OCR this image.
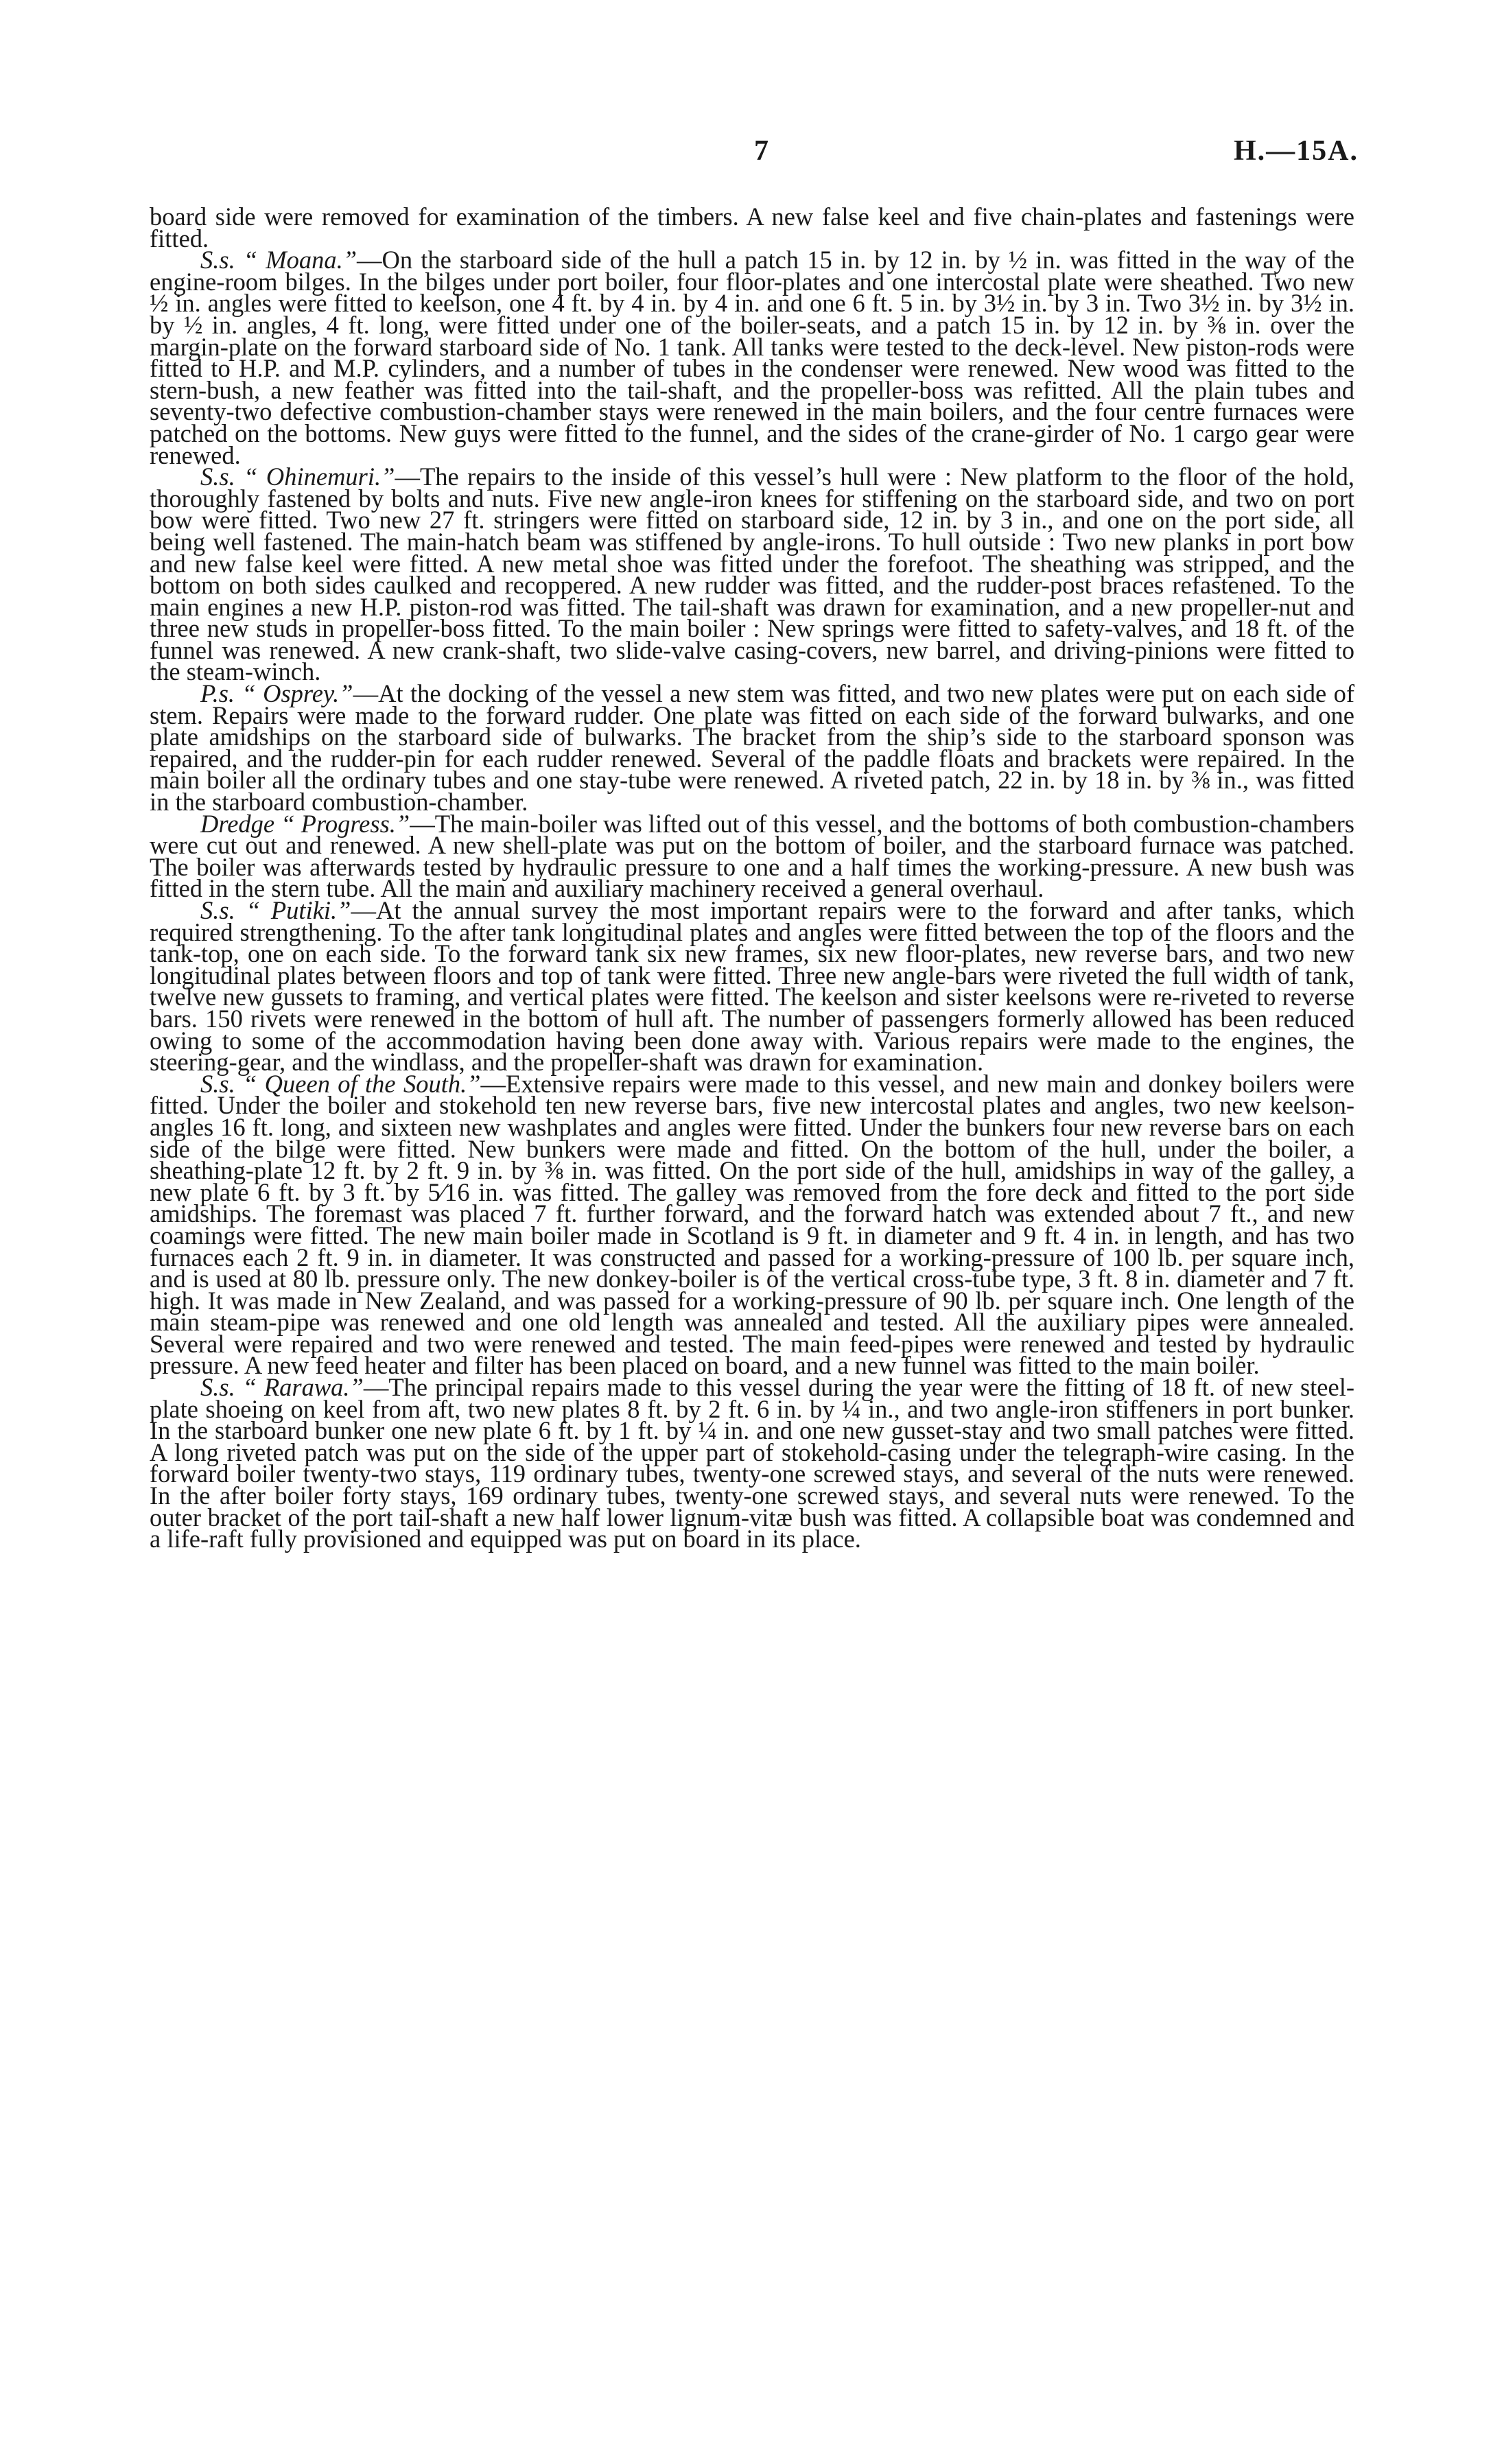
7	H.—15A.

board side were removed for examination of the timbers. A new false keel and five chain-plates and fastenings were fitted.

S.s. “ Moana.”—On the starboard side of the hull a patch 15 in. by 12 in. by ½ in. was fitted in the way of the engine-room bilges. In the bilges under port boiler, four floor-plates and one intercostal plate were sheathed. Two new ½ in. angles were fitted to keelson, one 4 ft. by 4 in. by 4 in. and one 6 ft. 5 in. by 3½ in. by 3 in. Two 3½ in. by 3½ in. by ½ in. angles, 4 ft. long, were fitted under one of the boiler-seats, and a patch 15 in. by 12 in. by ⅜ in. over the margin-plate on the forward starboard side of No. 1 tank. All tanks were tested to the deck-level. New piston-rods were fitted to H.P. and M.P. cylinders, and a number of tubes in the condenser were renewed. New wood was fitted to the stern-bush, a new feather was fitted into the tail-shaft, and the propeller-boss was refitted. All the plain tubes and seventy-two defective combustion-chamber stays were renewed in the main boilers, and the four centre furnaces were patched on the bottoms. New guys were fitted to the funnel, and the sides of the crane-girder of No. 1 cargo gear were renewed.

S.s. “ Ohinemuri.”—The repairs to the inside of this vessel’s hull were : New platform to the floor of the hold, thoroughly fastened by bolts and nuts. Five new angle-iron knees for stiffening on the starboard side, and two on port bow were fitted. Two new 27 ft. stringers were fitted on starboard side, 12 in. by 3 in., and one on the port side, all being well fastened. The main-hatch beam was stiffened by angle-irons. To hull outside : Two new planks in port bow and new false keel were fitted. A new metal shoe was fitted under the forefoot. The sheathing was stripped, and the bottom on both sides caulked and recoppered. A new rudder was fitted, and the rudder-post braces refastened. To the main engines a new H.P. piston-rod was fitted. The tail-shaft was drawn for examination, and a new propeller-nut and three new studs in propeller-boss fitted. To the main boiler : New springs were fitted to safety-valves, and 18 ft. of the funnel was renewed. A new crank-shaft, two slide-valve casing-covers, new barrel, and driving-pinions were fitted to the steam-winch.

P.s. “ Osprey.”—At the docking of the vessel a new stem was fitted, and two new plates were put on each side of stem. Repairs were made to the forward rudder. One plate was fitted on each side of the forward bulwarks, and one plate amidships on the starboard side of bulwarks. The bracket from the ship’s side to the starboard sponson was repaired, and the rudder-pin for each rudder renewed. Several of the paddle floats and brackets were repaired. In the main boiler all the ordinary tubes and one stay-tube were renewed. A riveted patch, 22 in. by 18 in. by ⅜ in., was fitted in the starboard combustion-chamber.

Dredge “ Progress.”—The main-boiler was lifted out of this vessel, and the bottoms of both combustion-chambers were cut out and renewed. A new shell-plate was put on the bottom of boiler, and the starboard furnace was patched. The boiler was afterwards tested by hydraulic pressure to one and a half times the working-pressure. A new bush was fitted in the stern tube. All the main and auxiliary machinery received a general overhaul.

S.s. “ Putiki.”—At the annual survey the most important repairs were to the forward and after tanks, which required strengthening. To the after tank longitudinal plates and angles were fitted between the top of the floors and the tank-top, one on each side. To the forward tank six new frames, six new floor-plates, new reverse bars, and two new longitudinal plates between floors and top of tank were fitted. Three new angle-bars were riveted the full width of tank, twelve new gussets to framing, and vertical plates were fitted. The keelson and sister keelsons were re-riveted to reverse bars. 150 rivets were renewed in the bottom of hull aft. The number of passengers formerly allowed has been reduced owing to some of the accommodation having been done away with. Various repairs were made to the engines, the steering-gear, and the windlass, and the propeller-shaft was drawn for examination.

S.s. “ Queen of the South.”—Extensive repairs were made to this vessel, and new main and donkey boilers were fitted. Under the boiler and stokehold ten new reverse bars, five new intercostal plates and angles, two new keelson-angles 16 ft. long, and sixteen new washplates and angles were fitted. Under the bunkers four new reverse bars on each side of the bilge were fitted. New bunkers were made and fitted. On the bottom of the hull, under the boiler, a sheathing-plate 12 ft. by 2 ft. 9 in. by ⅜ in. was fitted. On the port side of the hull, amidships in way of the galley, a new plate 6 ft. by 3 ft. by 5⁄16 in. was fitted. The galley was removed from the fore deck and fitted to the port side amidships. The foremast was placed 7 ft. further forward, and the forward hatch was extended about 7 ft., and new coamings were fitted. The new main boiler made in Scotland is 9 ft. in diameter and 9 ft. 4 in. in length, and has two furnaces each 2 ft. 9 in. in diameter. It was constructed and passed for a working-pressure of 100 lb. per square inch, and is used at 80 lb. pressure only. The new donkey-boiler is of the vertical cross-tube type, 3 ft. 8 in. diameter and 7 ft. high. It was made in New Zealand, and was passed for a working-pressure of 90 lb. per square inch. One length of the main steam-pipe was renewed and one old length was annealed and tested. All the auxiliary pipes were annealed. Several were repaired and two were renewed and tested. The main feed-pipes were renewed and tested by hydraulic pressure. A new feed heater and filter has been placed on board, and a new funnel was fitted to the main boiler.

S.s. “ Rarawa.”—The principal repairs made to this vessel during the year were the fitting of 18 ft. of new steel-plate shoeing on keel from aft, two new plates 8 ft. by 2 ft. 6 in. by ¼ in., and two angle-iron stiffeners in port bunker. In the starboard bunker one new plate 6 ft. by 1 ft. by ¼ in. and one new gusset-stay and two small patches were fitted. A long riveted patch was put on the side of the upper part of stokehold-casing under the telegraph-wire casing. In the forward boiler twenty-two stays, 119 ordinary tubes, twenty-one screwed stays, and several of the nuts were renewed. In the after boiler forty stays, 169 ordinary tubes, twenty-one screwed stays, and several nuts were renewed. To the outer bracket of the port tail-shaft a new half lower lignum-vitæ bush was fitted. A collapsible boat was condemned and a life-raft fully provisioned and equipped was put on board in its place.
